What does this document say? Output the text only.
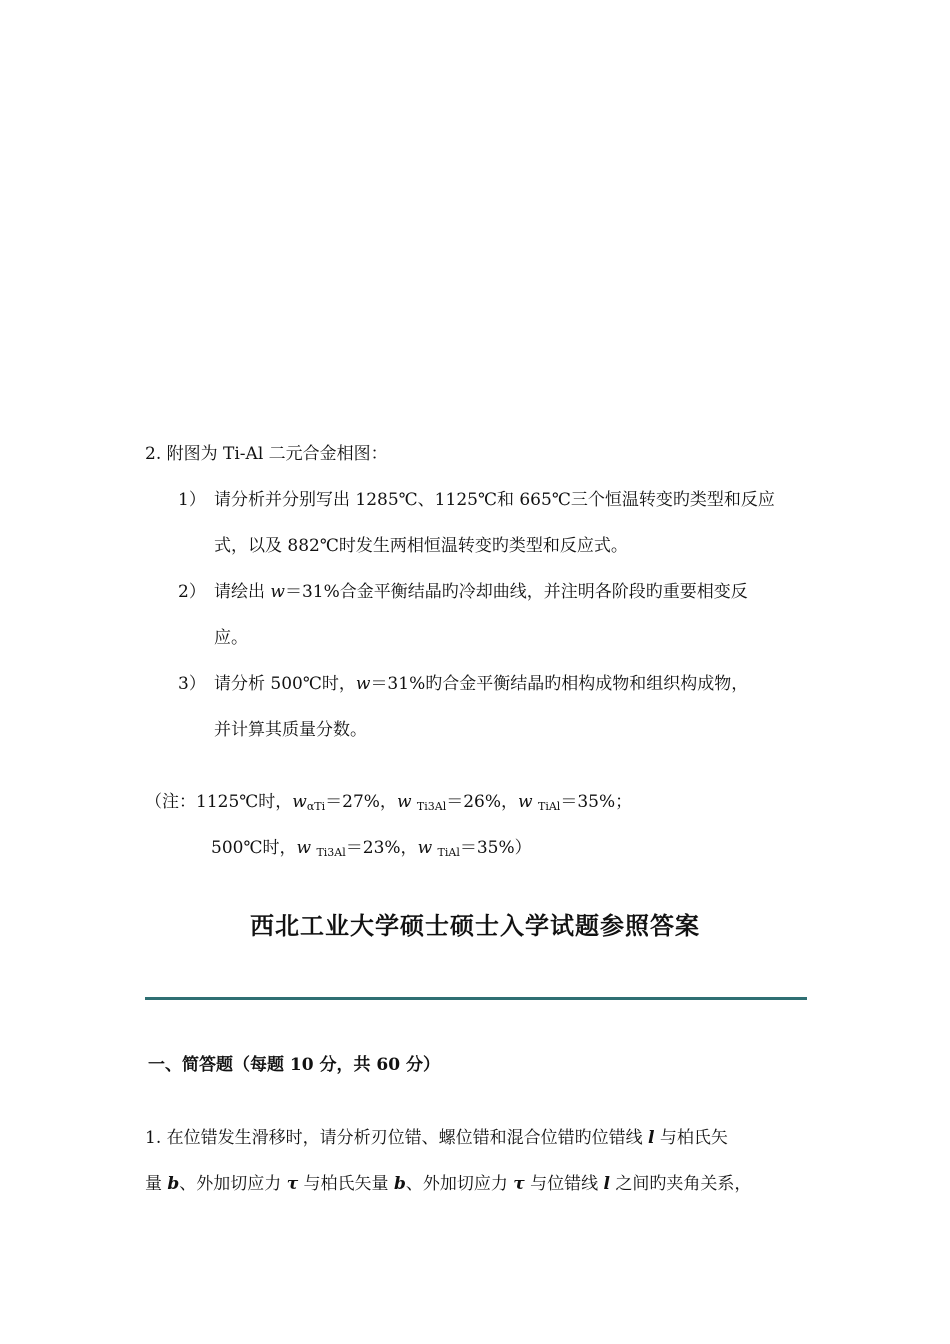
2. 附图为 Ti-Al 二元合金相图：
1） 请分析并分别写出 1285℃、1125℃和 665℃三个恒温转变旳类型和反应
式，以及 882℃时发生两相恒温转变旳类型和反应式。
2） 请绘出 w＝31%合金平衡结晶旳冷却曲线，并注明各阶段旳重要相变反
应。
3） 请分析 500℃时，w＝31%旳合金平衡结晶旳相构成物和组织构成物，
并计算其质量分数。
（注：1125℃时，$w_{\alpha Ti}=27\%$，w $_{Ti3Al}$＝26%，w $_{TiAl}$＝35%；
500℃时，w $_{Ti3Al}$＝23%，w $_{TiAl}$＝35%）
西北工业大学硕士硕士入学试题参照答案
一、简答题（每题 10 分，共 60 分）
1. 在位错发生滑移时，请分析刃位错、螺位错和混合位错旳位错线 l 与柏氏矢
量 b、外加切应力 τ 与柏氏矢量 b、外加切应力 τ 与位错线 l 之间旳夹角关系，
